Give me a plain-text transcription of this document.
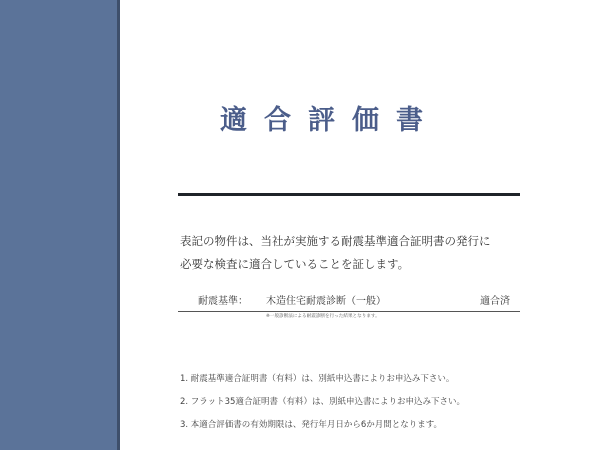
適合評価書
表記の物件は、当社が実施する耐震基準適合証明書の発行に
必要な検査に適合していることを証します。
耐震基準： 木造住宅耐震診断（一般）	適合済
※一般診断法による耐震診断を行った結果となります。
1. 耐震基準適合証明書（有料）は、別紙申込書によりお申込み下さい。
2. フラット35適合証明書（有料）は、別紙申込書によりお申込み下さい。
3. 本適合評価書の有効期限は、発行年月日から6か月間となります。
